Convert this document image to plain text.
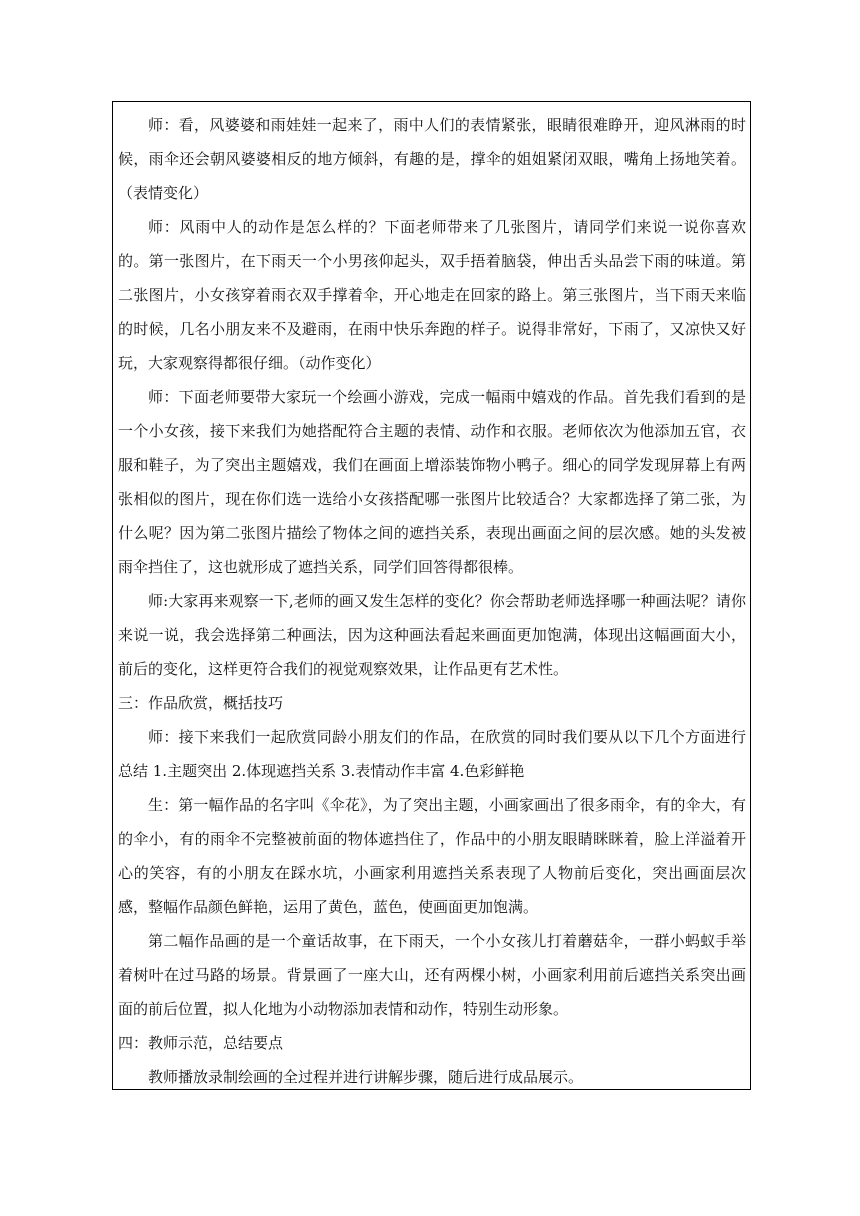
师：看，风婆婆和雨娃娃一起来了，雨中人们的表情紧张，眼睛很难睁开，迎风淋雨的时候，雨伞还会朝风婆婆相反的地方倾斜，有趣的是，撑伞的姐姐紧闭双眼，嘴角上扬地笑着。（表情变化）

师：风雨中人的动作是怎么样的？下面老师带来了几张图片，请同学们来说一说你喜欢的。第一张图片，在下雨天一个小男孩仰起头，双手捂着脑袋，伸出舌头品尝下雨的味道。第二张图片，小女孩穿着雨衣双手撑着伞，开心地走在回家的路上。第三张图片，当下雨天来临的时候，几名小朋友来不及避雨，在雨中快乐奔跑的样子。说得非常好，下雨了，又凉快又好玩，大家观察得都很仔细。（动作变化）

师：下面老师要带大家玩一个绘画小游戏，完成一幅雨中嬉戏的作品。首先我们看到的是一个小女孩，接下来我们为她搭配符合主题的表情、动作和衣服。老师依次为他添加五官，衣服和鞋子，为了突出主题嬉戏，我们在画面上增添装饰物小鸭子。细心的同学发现屏幕上有两张相似的图片，现在你们选一选给小女孩搭配哪一张图片比较适合？大家都选择了第二张，为什么呢？因为第二张图片描绘了物体之间的遮挡关系，表现出画面之间的层次感。她的头发被雨伞挡住了，这也就形成了遮挡关系，同学们回答得都很棒。

师:大家再来观察一下,老师的画又发生怎样的变化？你会帮助老师选择哪一种画法呢？请你来说一说，我会选择第二种画法，因为这种画法看起来画面更加饱满，体现出这幅画面大小，前后的变化，这样更符合我们的视觉观察效果，让作品更有艺术性。

三：作品欣赏，概括技巧

师：接下来我们一起欣赏同龄小朋友们的作品，在欣赏的同时我们要从以下几个方面进行总结 1.主题突出 2.体现遮挡关系 3.表情动作丰富 4.色彩鲜艳

生：第一幅作品的名字叫《伞花》，为了突出主题，小画家画出了很多雨伞，有的伞大，有的伞小，有的雨伞不完整被前面的物体遮挡住了，作品中的小朋友眼睛眯眯着，脸上洋溢着开心的笑容，有的小朋友在踩水坑，小画家利用遮挡关系表现了人物前后变化，突出画面层次感，整幅作品颜色鲜艳，运用了黄色，蓝色，使画面更加饱满。

第二幅作品画的是一个童话故事，在下雨天，一个小女孩儿打着蘑菇伞，一群小蚂蚁手举着树叶在过马路的场景。背景画了一座大山，还有两棵小树，小画家利用前后遮挡关系突出画面的前后位置，拟人化地为小动物添加表情和动作，特别生动形象。

四：教师示范，总结要点

教师播放录制绘画的全过程并进行讲解步骤，随后进行成品展示。
